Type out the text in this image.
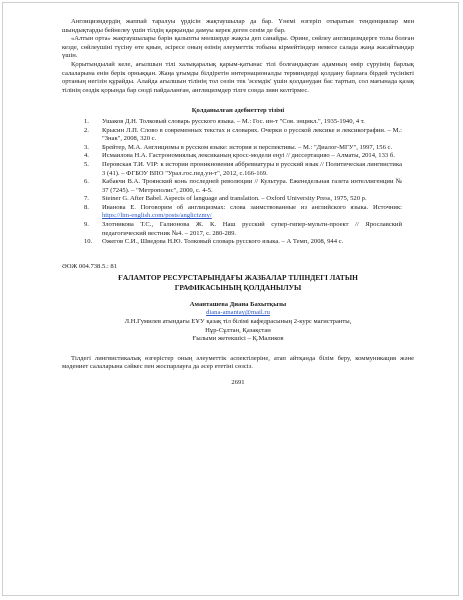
Англицизмдердің жаппай таралуы үрдісін жақтаушылар да бар. Үнемі өзгеріп отыратын тенденциялар мен шындықтарды бейнелеу үшін тілдің қарқынды дамуы керек деген сенім де бар.

«Алтын орта» жақтаушылары бәрін қалыпты мөлшерде жақсы деп санайды. Әрине, сөйлеу англицизмдерге толы болған кезде, сөйлеушіні түсіну өте қиын, әсіресе оның өзінің әлеуметтік тобына кірмейтіндер немесе салада жаңа жасайтындар үшін.

Қорытындылай келе, ағылшын тілі халықаралық қарым-қатынас тілі болғандықтан адамның өмір сүруінің барлық салаларына енін берік орныққан. Жаңа ұғымды білдіретін интернационалды терминдерді қолдану барлаға бірдей түсінікті ортаның негізін құрайды. Алайда ағылшын тілінің тол сөзін тек 'әсемдік' үшін қолданудан бас тартып, сол мағынада қазақ тілінің сөздік қорында бар сөзді пайдаланған, англицизмдер тілге сонда зиян келтірмес.

Қолданылған әдебиеттер тізімі
1. Ушаков Д.Н. Толковый словарь русского языка. – М.: Гос. ин-т "Сов. энцикл.", 1935-1940, 4 т.
2. Крысин Л.П. Слово в современных текстах и словарях. Очерки о русской лексике и лексикографии. – М.: "Знак", 2008, 320 с.
3. Брейтер, М.А. Англицизмы в русском языке: история и перспективы. – М.: "Диалог-МГУ", 1997, 156 с.
4. Исмаилова Н.А. Гастрономиялық лексиканың кросс-модели еңуі // диссертацияо – Алматы, 2014, 133 б.
5. Перовская Т.И. VIP: к истории проникновения аббревиатуры в русский язык // Политическая лингвистика 3 (41). – ФГБОУ ВПО "Урал.гос.пед.ун-т", 2012, с.166-169.
6. Кабакчи В.А. Троянский конь последней революции // Культура. Еженедельная газета интеллигенции № 37 (7245). – "Метрополис", 2000, с. 4-5.
7. Steiner G. After Babel. Aspects of language and translation. – Oxford University Press, 1975, 520 p.
8. Иванова Е. Поговорим об англицизмах: слова заимствованные из английского языка. Источник: https://lim-english.com/posts/anglicizmy/
9. Злотникова Т.С., Галионова Ж. К. Наш русский супер-гипер-мульти-проект // Ярославский педагогический вестник №4. – 2017, с. 280-289.
10. Ожегов С.И., Шведова Н.Ю. Толковый словарь русского языка. – А Темп, 2008, 944 с.
ӘОЖ 004.738.5.: 81
ҒАЛАМТОР РЕСУРСТАРЫНДАҒЫ ЖАЗБАЛАР ТІЛІНДЕГІ ЛАТЫН
ГРАФИКАСЫНЫҢ ҚОЛДАНЫЛУЫ
Аманташева Диана Бахытқызы
diana-amantay@mail.ru
Л.Н.Гумилев атындағы ЕҰУ қазақ тіл білімі кафедрасының 2-курс магистранты,
Нұр-Сұлтан, Қазақстан
Ғылыми жетекшісі – Қ.Маликов

Тілдегі лингвистикалық өзгерістер оның әлеуметтік аспектілеріне, атап айтқанда білім беру, коммуникация және мәдениет салаларына сәйкес пен жоспарлауға да әсер ететіні сөзсіз.

2691
